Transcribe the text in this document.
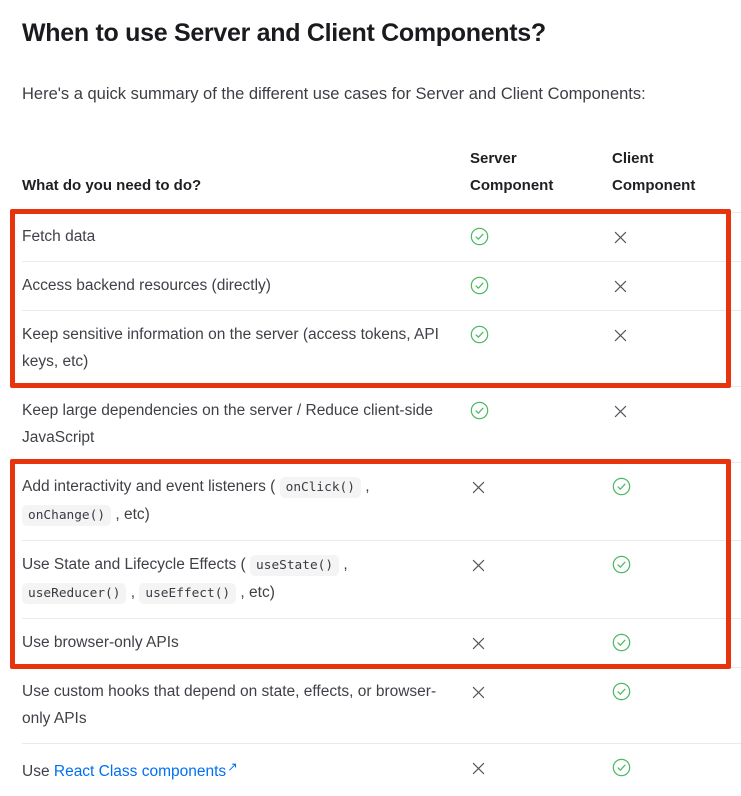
When to use Server and Client Components?

Here's a quick summary of the different use cases for Server and Client Components:

What do you need to do?
Server Component
Client Component
Fetch data
Access backend resources (directly)
Keep sensitive information on the server (access tokens, API keys, etc)
Keep large dependencies on the server / Reduce client-side JavaScript
Add interactivity and event listeners ( onClick() , onChange() , etc)
Use State and Lifecycle Effects ( useState() , useReducer() , useEffect() , etc)
Use browser-only APIs
Use custom hooks that depend on state, effects, or browser-only APIs
Use React Class components↗
